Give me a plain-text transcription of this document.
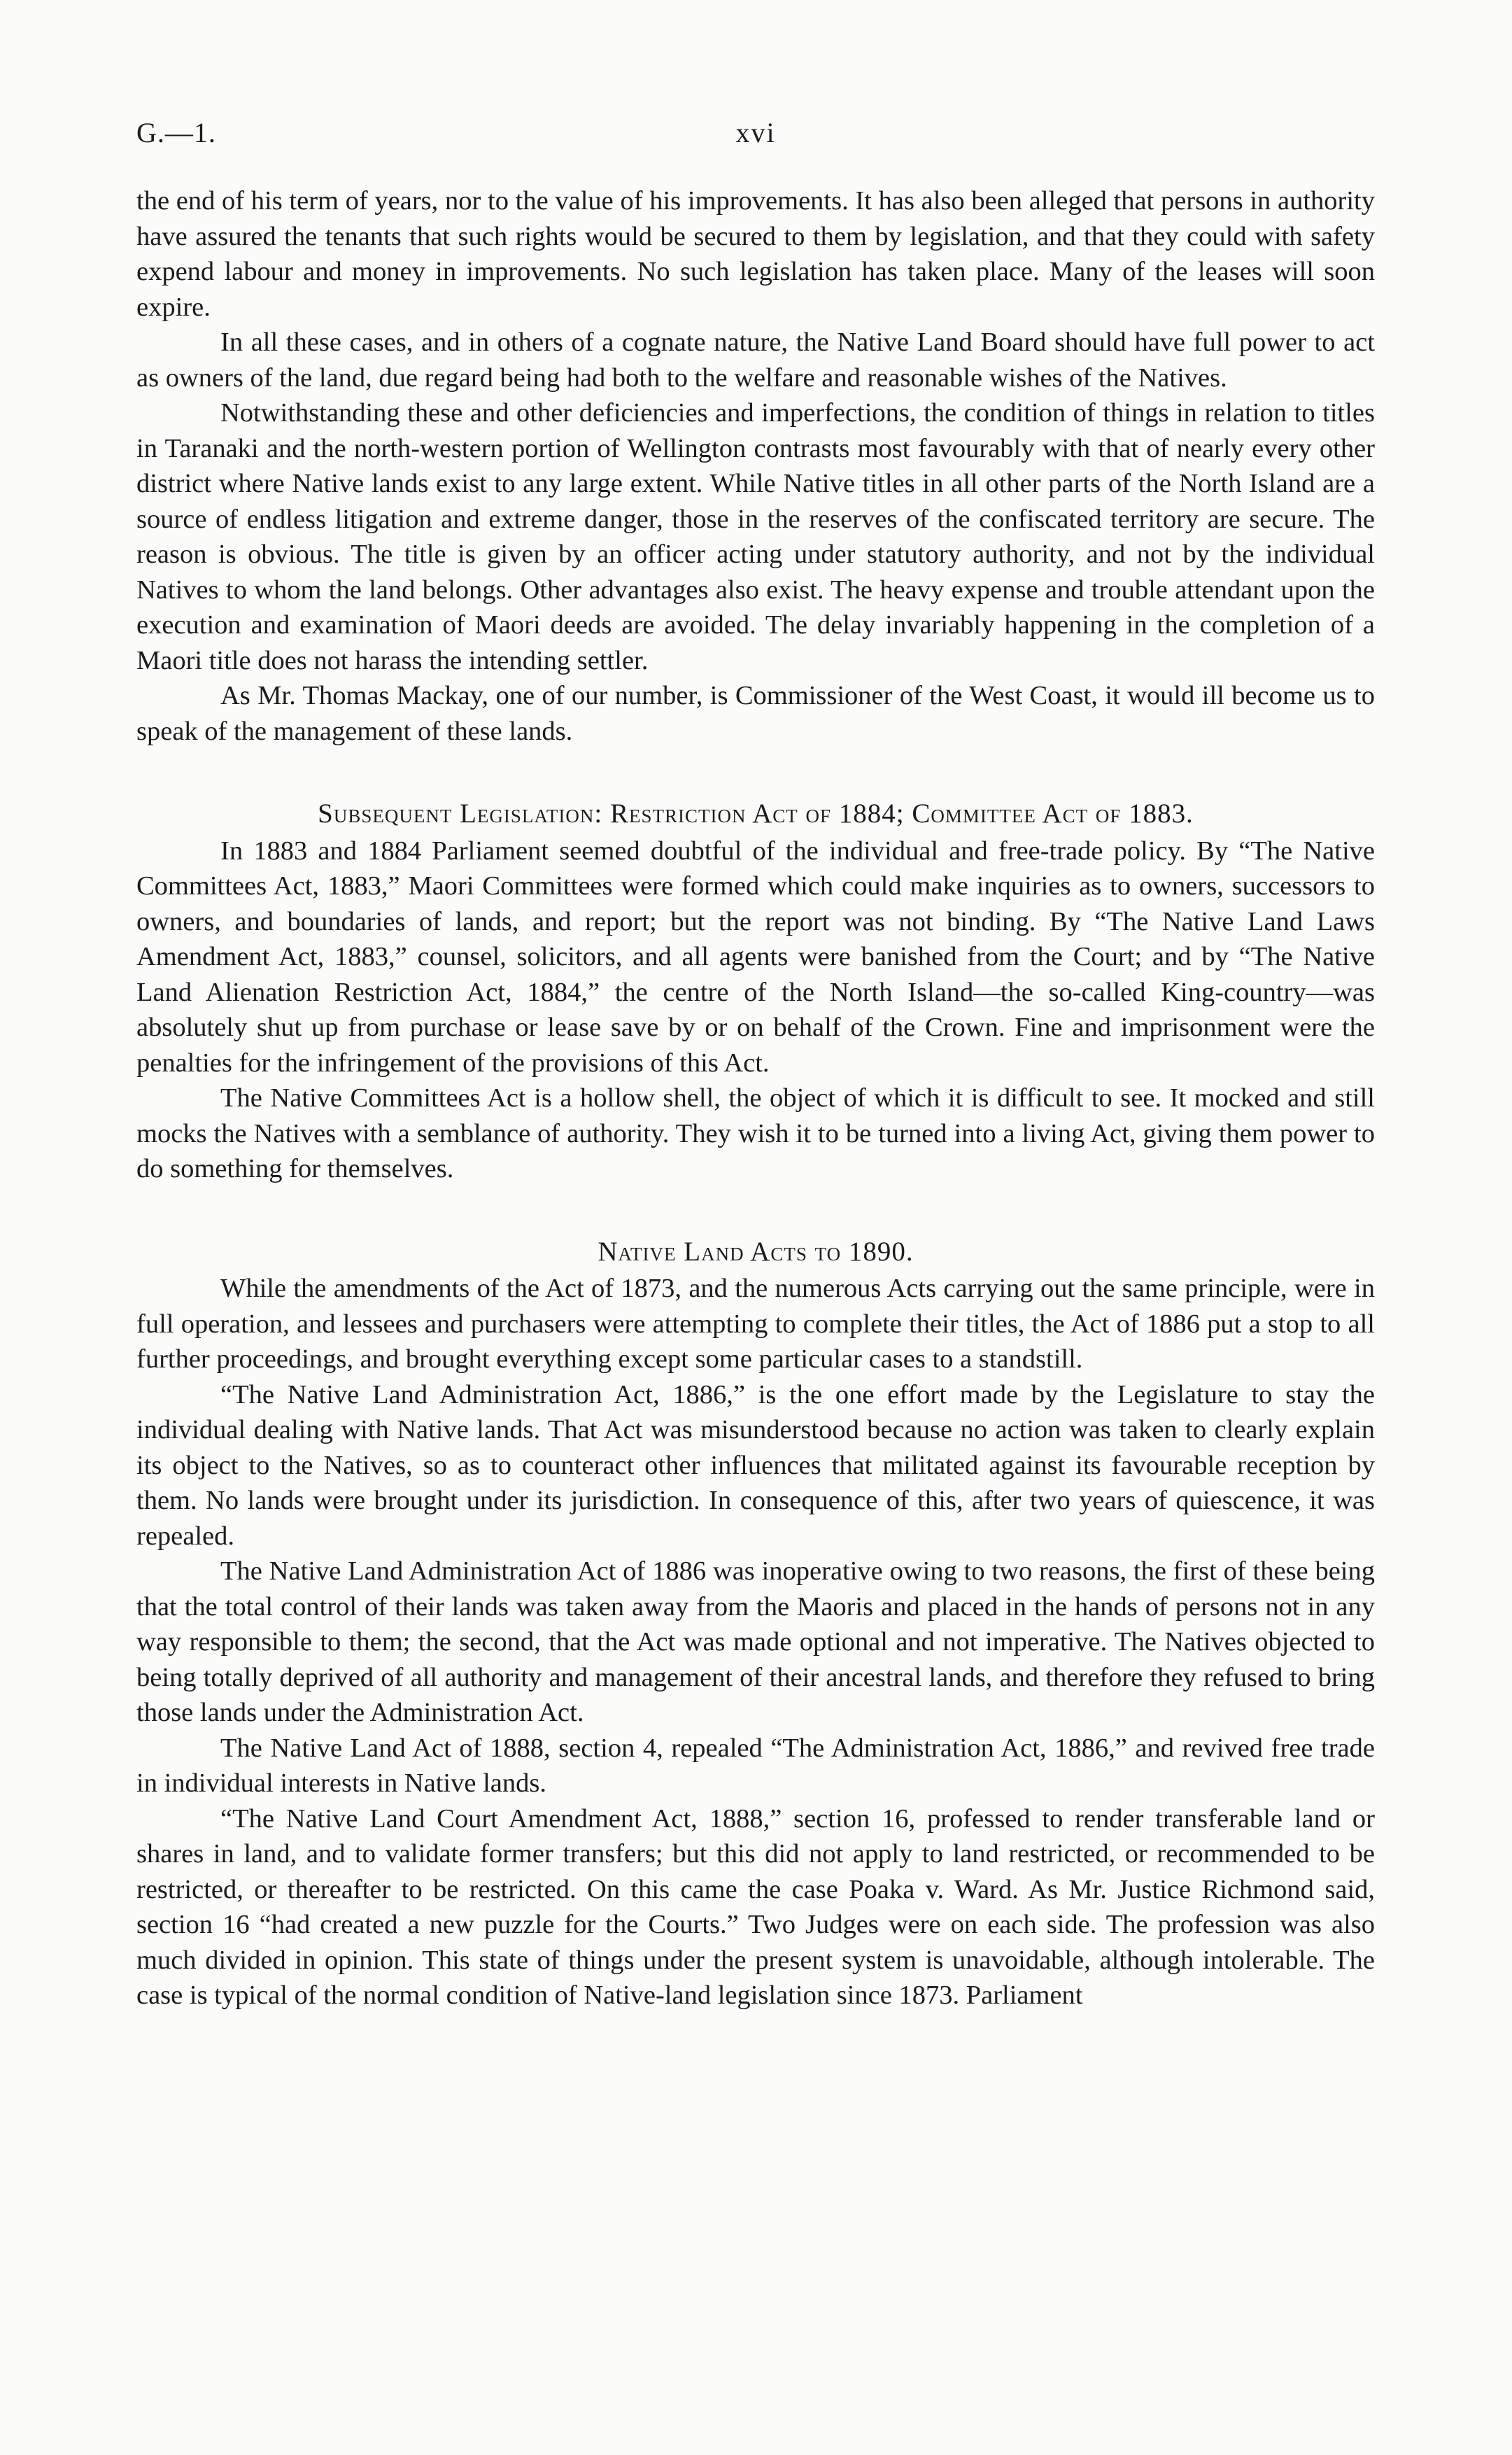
G.—1.	xvi

the end of his term of years, nor to the value of his improvements. It has also been alleged that persons in authority have assured the tenants that such rights would be secured to them by legislation, and that they could with safety expend labour and money in improvements. No such legislation has taken place. Many of the leases will soon expire.

In all these cases, and in others of a cognate nature, the Native Land Board should have full power to act as owners of the land, due regard being had both to the welfare and reasonable wishes of the Natives.

Notwithstanding these and other deficiencies and imperfections, the condition of things in relation to titles in Taranaki and the north-western portion of Wellington contrasts most favourably with that of nearly every other district where Native lands exist to any large extent. While Native titles in all other parts of the North Island are a source of endless litigation and extreme danger, those in the reserves of the confiscated territory are secure. The reason is obvious. The title is given by an officer acting under statutory authority, and not by the individual Natives to whom the land belongs. Other advantages also exist. The heavy expense and trouble attendant upon the execution and examination of Maori deeds are avoided. The delay invariably happening in the completion of a Maori title does not harass the intending settler.

As Mr. Thomas Mackay, one of our number, is Commissioner of the West Coast, it would ill become us to speak of the management of these lands.

Subsequent Legislation: Restriction Act of 1884; Committee Act of 1883.

In 1883 and 1884 Parliament seemed doubtful of the individual and free-trade policy. By “The Native Committees Act, 1883,” Maori Committees were formed which could make inquiries as to owners, successors to owners, and boundaries of lands, and report; but the report was not binding. By “The Native Land Laws Amendment Act, 1883,” counsel, solicitors, and all agents were banished from the Court; and by “The Native Land Alienation Restriction Act, 1884,” the centre of the North Island—the so-called King-country—was absolutely shut up from purchase or lease save by or on behalf of the Crown. Fine and imprisonment were the penalties for the infringement of the provisions of this Act.

The Native Committees Act is a hollow shell, the object of which it is difficult to see. It mocked and still mocks the Natives with a semblance of authority. They wish it to be turned into a living Act, giving them power to do something for themselves.

Native Land Acts to 1890.

While the amendments of the Act of 1873, and the numerous Acts carrying out the same principle, were in full operation, and lessees and purchasers were attempting to complete their titles, the Act of 1886 put a stop to all further proceedings, and brought everything except some particular cases to a standstill.

“The Native Land Administration Act, 1886,” is the one effort made by the Legislature to stay the individual dealing with Native lands. That Act was misunderstood because no action was taken to clearly explain its object to the Natives, so as to counteract other influences that militated against its favourable reception by them. No lands were brought under its jurisdiction. In consequence of this, after two years of quiescence, it was repealed.

The Native Land Administration Act of 1886 was inoperative owing to two reasons, the first of these being that the total control of their lands was taken away from the Maoris and placed in the hands of persons not in any way responsible to them; the second, that the Act was made optional and not imperative. The Natives objected to being totally deprived of all authority and management of their ancestral lands, and therefore they refused to bring those lands under the Administration Act.

The Native Land Act of 1888, section 4, repealed “The Administration Act, 1886,” and revived free trade in individual interests in Native lands.

“The Native Land Court Amendment Act, 1888,” section 16, professed to render transferable land or shares in land, and to validate former transfers; but this did not apply to land restricted, or recommended to be restricted, or thereafter to be restricted. On this came the case Poaka v. Ward. As Mr. Justice Richmond said, section 16 “had created a new puzzle for the Courts.” Two Judges were on each side. The profession was also much divided in opinion. This state of things under the present system is unavoidable, although intolerable. The case is typical of the normal condition of Native-land legislation since 1873. Parliament
